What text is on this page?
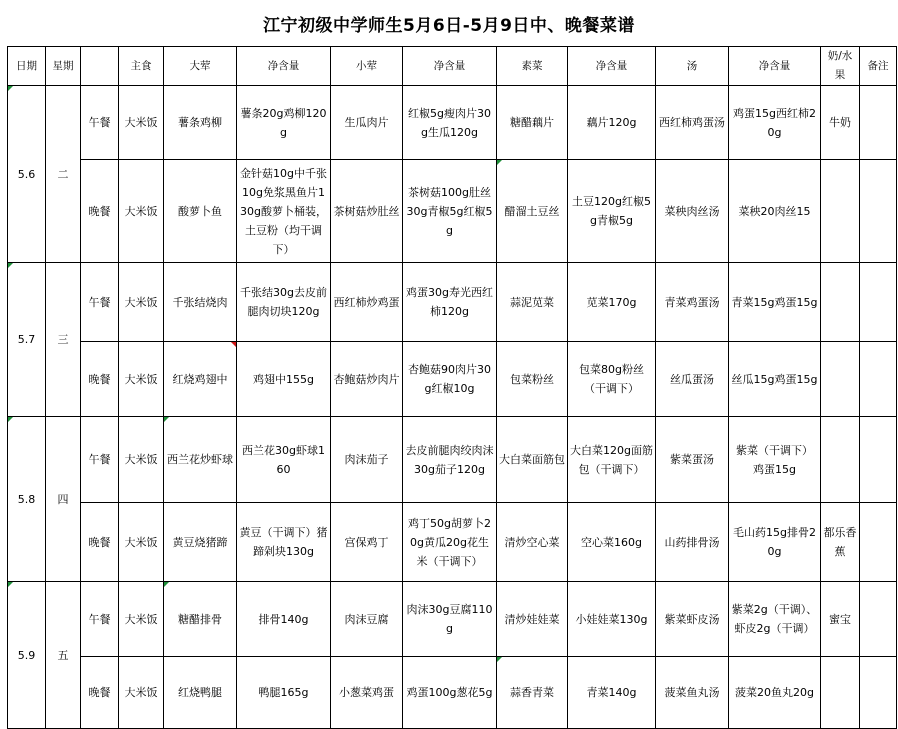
江宁初级中学师生5月6日-5月9日中、晚餐菜谱
日期	星期		主食	大荤	净含量	小荤	净含量	素菜	净含量	汤	净含量	奶/水果	备注
5.6	二	午餐	大米饭	薯条鸡柳	薯条20g鸡柳120g	生瓜肉片	红椒5g瘦肉片30g生瓜120g	糖醋藕片	藕片120g	西红柿鸡蛋汤	鸡蛋15g西红柿20g	牛奶	
		晚餐	大米饭	酸萝卜鱼	金针菇10g中千张10g免浆黑鱼片130g酸萝卜桶装，土豆粉（均干调下）	茶树菇炒肚丝	茶树菇100g肚丝30g青椒5g红椒5g	醋溜土豆丝	土豆120g红椒5g青椒5g	菜秧肉丝汤	菜秧20肉丝15		
5.7	三	午餐	大米饭	千张结烧肉	千张结30g去皮前腿肉切块120g	西红柿炒鸡蛋	鸡蛋30g寿光西红柿120g	蒜泥苋菜	苋菜170g	青菜鸡蛋汤	青菜15g鸡蛋15g		
		晚餐	大米饭	红烧鸡翅中	鸡翅中155g	杏鲍菇炒肉片	杏鲍菇90肉片30g红椒10g	包菜粉丝	包菜80g粉丝（干调下）	丝瓜蛋汤	丝瓜15g鸡蛋15g		
5.8	四	午餐	大米饭	西兰花炒虾球	西兰花30g虾球160	肉沫茄子	去皮前腿肉绞肉沫30g茄子120g	大白菜面筋包	大白菜120g面筋包（干调下）	紫菜蛋汤	紫菜（干调下）鸡蛋15g		
		晚餐	大米饭	黄豆烧猪蹄	黄豆（干调下）猪蹄剁块130g	宫保鸡丁	鸡丁50g胡萝卜20g黄瓜20g花生米（干调下）	清炒空心菜	空心菜160g	山药排骨汤	毛山药15g排骨20g	都乐香蕉	
5.9	五	午餐	大米饭	糖醋排骨	排骨140g	肉沫豆腐	肉沫30g豆腐110g	清炒娃娃菜	小娃娃菜130g	紫菜虾皮汤	紫菜2g（干调）、虾皮2g（干调）	蜜宝	
		晚餐	大米饭	红烧鸭腿	鸭腿165g	小葱菜鸡蛋	鸡蛋100g葱花5g	蒜香青菜	青菜140g	菠菜鱼丸汤	菠菜20鱼丸20g		
